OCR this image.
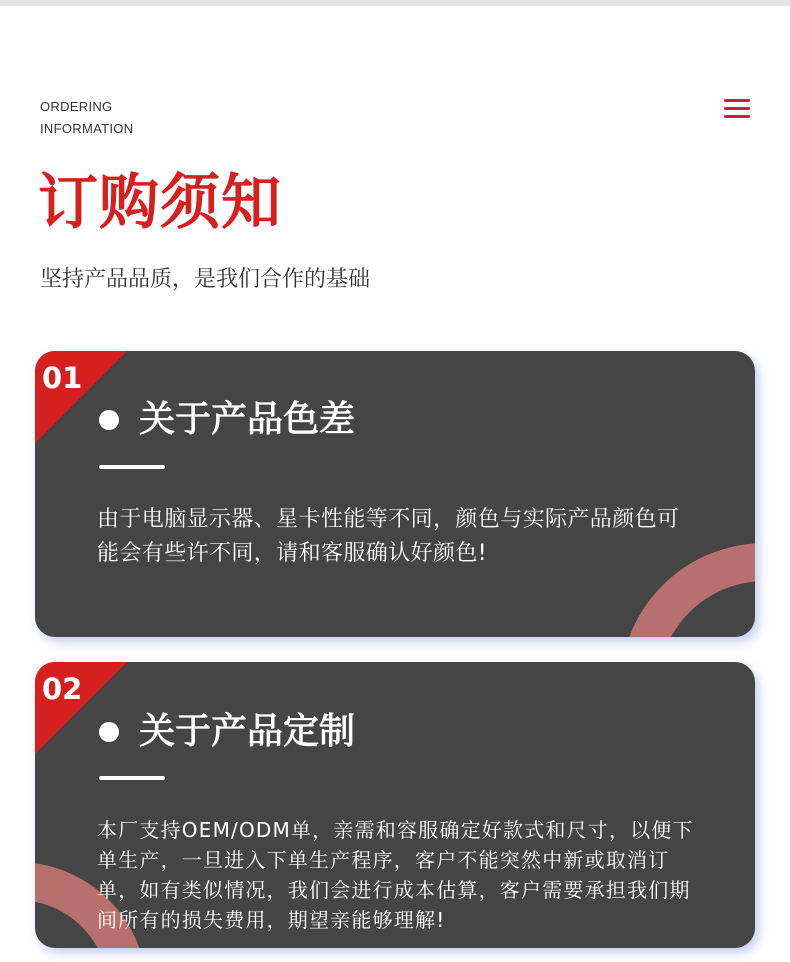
ORDERING
INFORMATION
订购须知

坚持产品品质，是我们合作的基础

01
关于产品色差

由于电脑显示器、星卡性能等不同，颜色与实际产品颜色可能会有些许不同，请和客服确认好颜色!

02
关于产品定制

本厂支持OEM/ODM单，亲需和容服确定好款式和尺寸，以便下单生产，一旦进入下单生产程序，客户不能突然中新或取消订单，如有类似情况，我们会进行成本估算，客户需要承担我们期间所有的损失费用，期望亲能够理解!
